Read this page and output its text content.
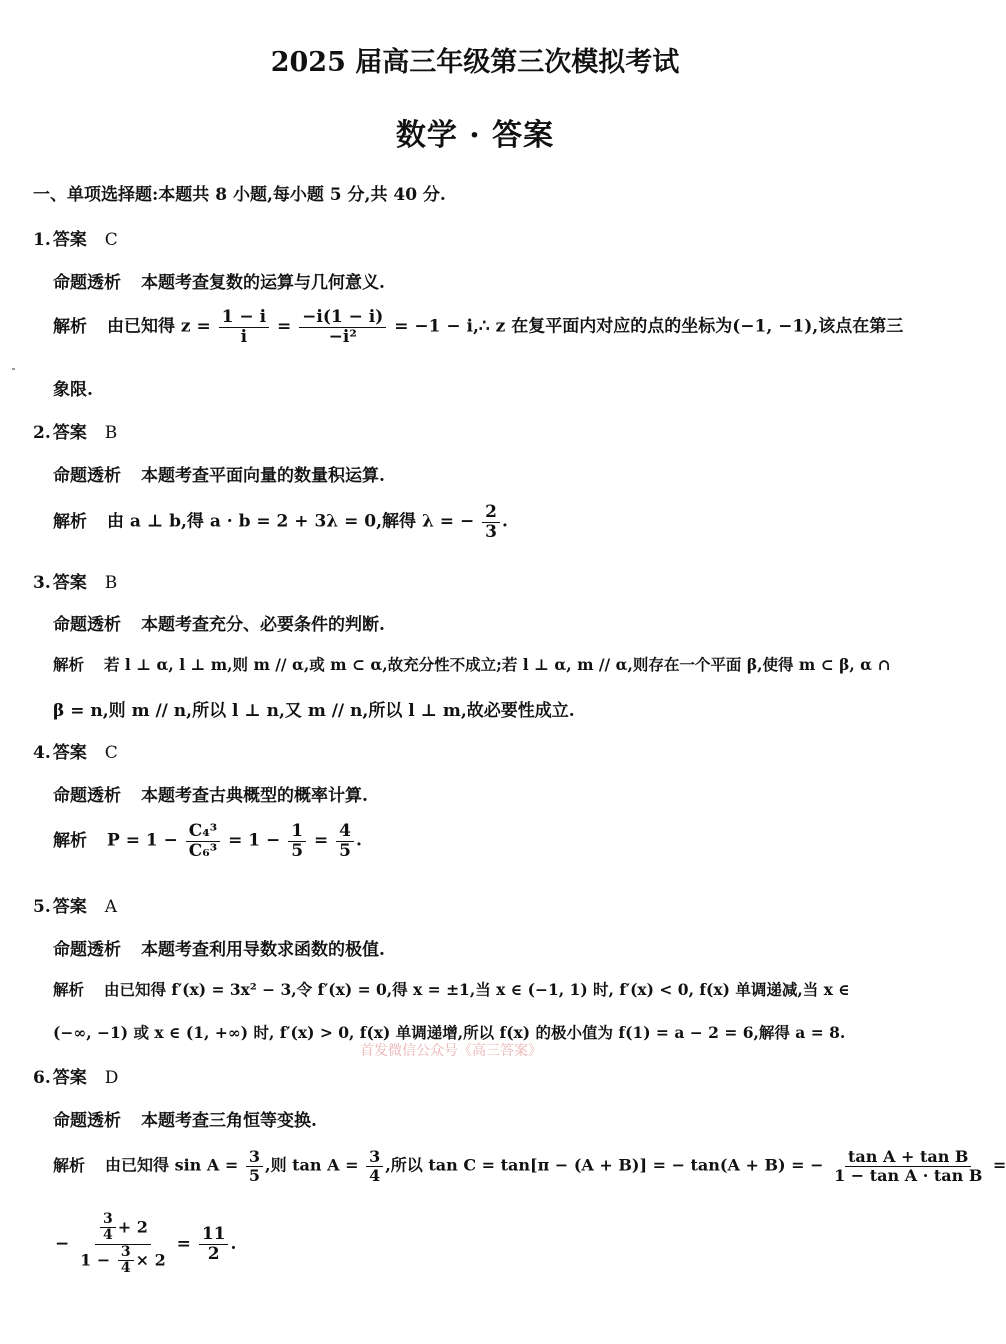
2025 届高三年级第三次模拟考试
数学 · 答案
一、单项选择题:本题共 8 小题,每小题 5 分,共 40 分.
1. 答案 C
命题透析 本题考查复数的运算与几何意义.
解析 由已知得 $z = \frac{1 - i}{i} = \frac{-i(1 - i)}{\text{−i²}} = -1$ − i,∴ z 在复平面内对应的点的坐标为(−1, −1),该点在第三
象限.
2. 答案 B
命题透析 本题考查平面向量的数量积运算.
解析 由 a ⊥ b,得 a · b = 2 + 3λ = 0,解得 λ = − $\frac{2}{3}$ .
3. 答案 B
命题透析 本题考查充分、必要条件的判断.
解析 若 l ⊥ α, l ⊥ m,则 m // α,或 m ⊂ α,故充分性不成立;若 l ⊥ α, m // α,则存在一个平面 β,使得 m ⊂ β, α ∩
β = n,则 m // n,所以 l ⊥ n,又 m // n,所以 l ⊥ m,故必要性成立.
4. 答案 C
命题透析 本题考查古典概型的概率计算.
解析 $P = 1 - \frac{\text{C₄³}}{\text{C₆³}} = 1 - \frac{1}{5} = \frac{4}{5}$ .
5. 答案 A
命题透析 本题考查利用导数求函数的极值.
解析 由已知得 f′(x) = 3x² − 3,令 f′(x) = 0,得 x = ±1,当 x ∈ (−1, 1) 时, f′(x) < 0, f(x) 单调递减,当 x ∈
(−∞, −1) 或 x ∈ (1, +∞) 时, f′(x) > 0, f(x) 单调递增,所以 f(x) 的极小值为 f(1) = a − 2 = 6,解得 a = 8.
首发微信公众号《高三答案》
6. 答案 D
命题透析 本题考查三角恒等变换.
解析 由已知得 $\sin A = \frac{3}{5}$ ,则 $\tan A = \frac{3}{4}$ ,所以 tan C = tan[π − (A + B)] = − tan(A + B) = − $\frac{\text{tan A + tan B}}{\text{1 − tan A · tan B}}$ =
− $\frac{\frac{3}{4} + 2}{1 - \frac{3}{4} \times 2} = \frac{11}{2}$ .
